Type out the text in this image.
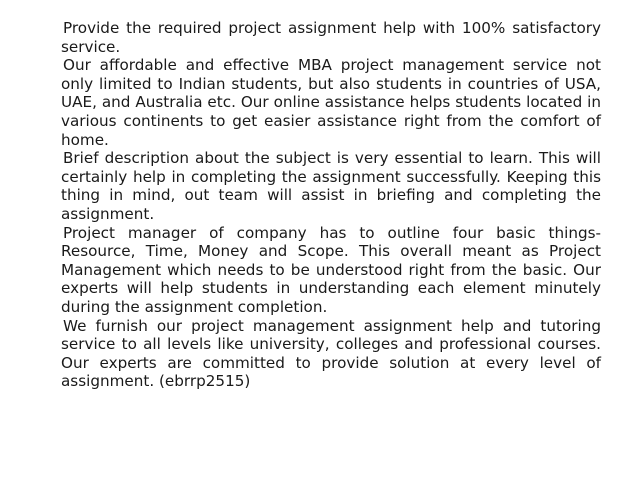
Provide the required project assignment help with 100% satisfactory service.

Our affordable and effective MBA project management service not only limited to Indian students, but also students in countries of USA, UAE, and Australia etc. Our online assistance helps students located in various continents to get easier assistance right from the comfort of home.

Brief description about the subject is very essential to learn. This will certainly help in completing the assignment successfully. Keeping this thing in mind, out team will assist in briefing and completing the assignment.

Project manager of company has to outline four basic things- Resource, Time, Money and Scope. This overall meant as Project Management which needs to be understood right from the basic. Our experts will help students in understanding each element minutely during the assignment completion.

We furnish our project management assignment help and tutoring service to all levels like university, colleges and professional courses. Our experts are committed to provide solution at every level of assignment. (ebrrp2515)
